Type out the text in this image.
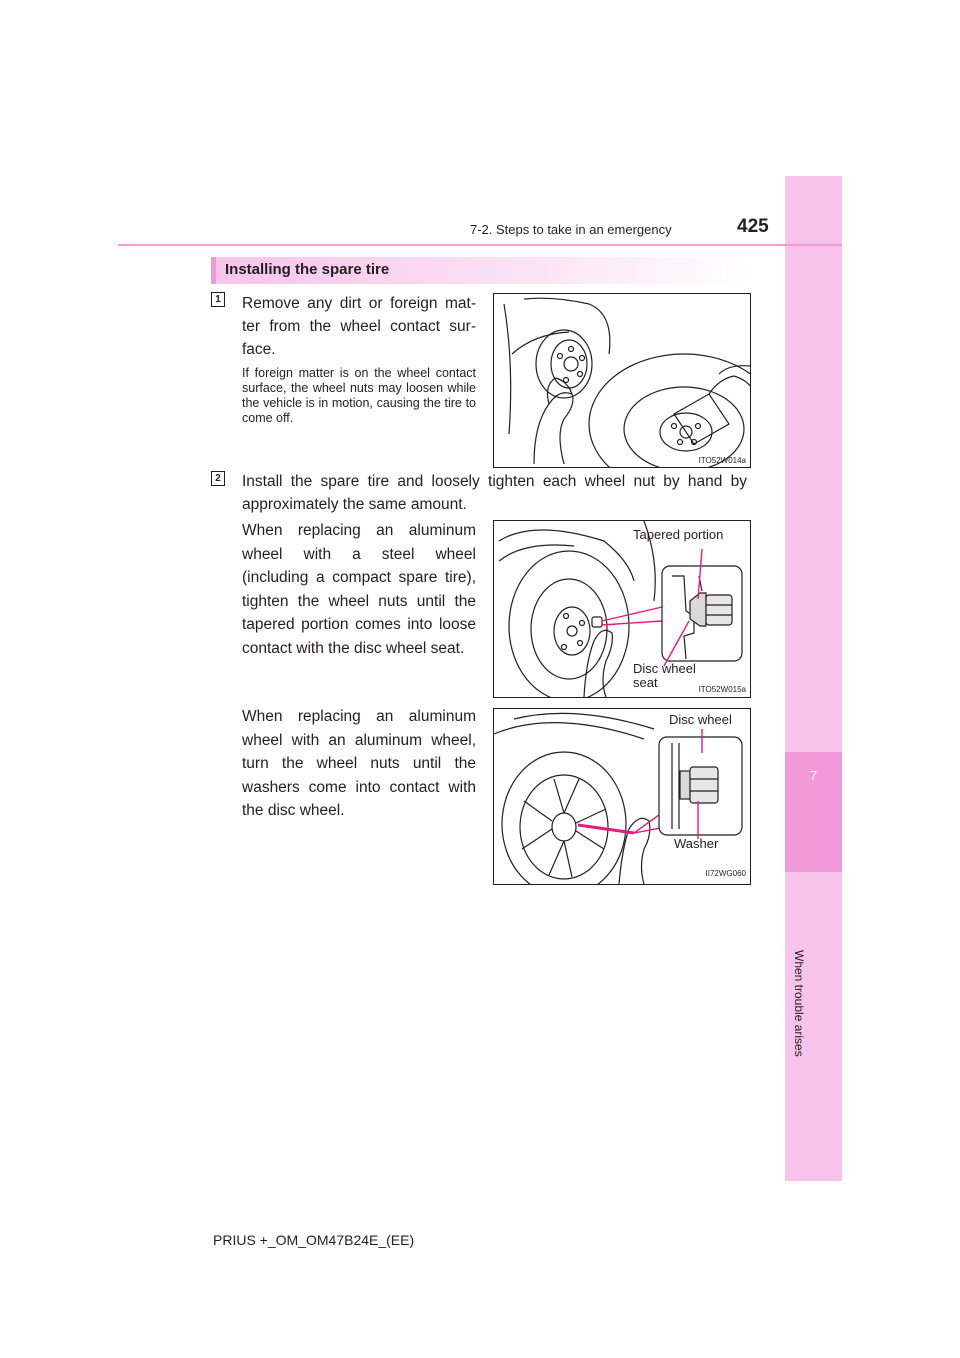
7
When trouble arises
7-2. Steps to take in an emergency	425
Installing the spare tire
1 Remove any dirt or foreign mat-ter from the wheel contact sur-face.
If foreign matter is on the wheel contact surface, the wheel nuts may loosen while the vehicle is in motion, causing the tire to come off.
ITO52W014a
2 Install the spare tire and loosely tighten each wheel nut by hand by approximately the same amount.
When replacing an aluminum wheel with a steel wheel (including a compact spare tire), tighten the wheel nuts until the tapered portion comes into loose contact with the disc wheel seat.
When replacing an aluminum wheel with an aluminum wheel, turn the wheel nuts until the washers come into contact with the disc wheel.
Tapered portion
Disc wheel
seat	ITO52W015a
Disc wheel
Washer
II72WG060
PRIUS +_OM_OM47B24E_(EE)
